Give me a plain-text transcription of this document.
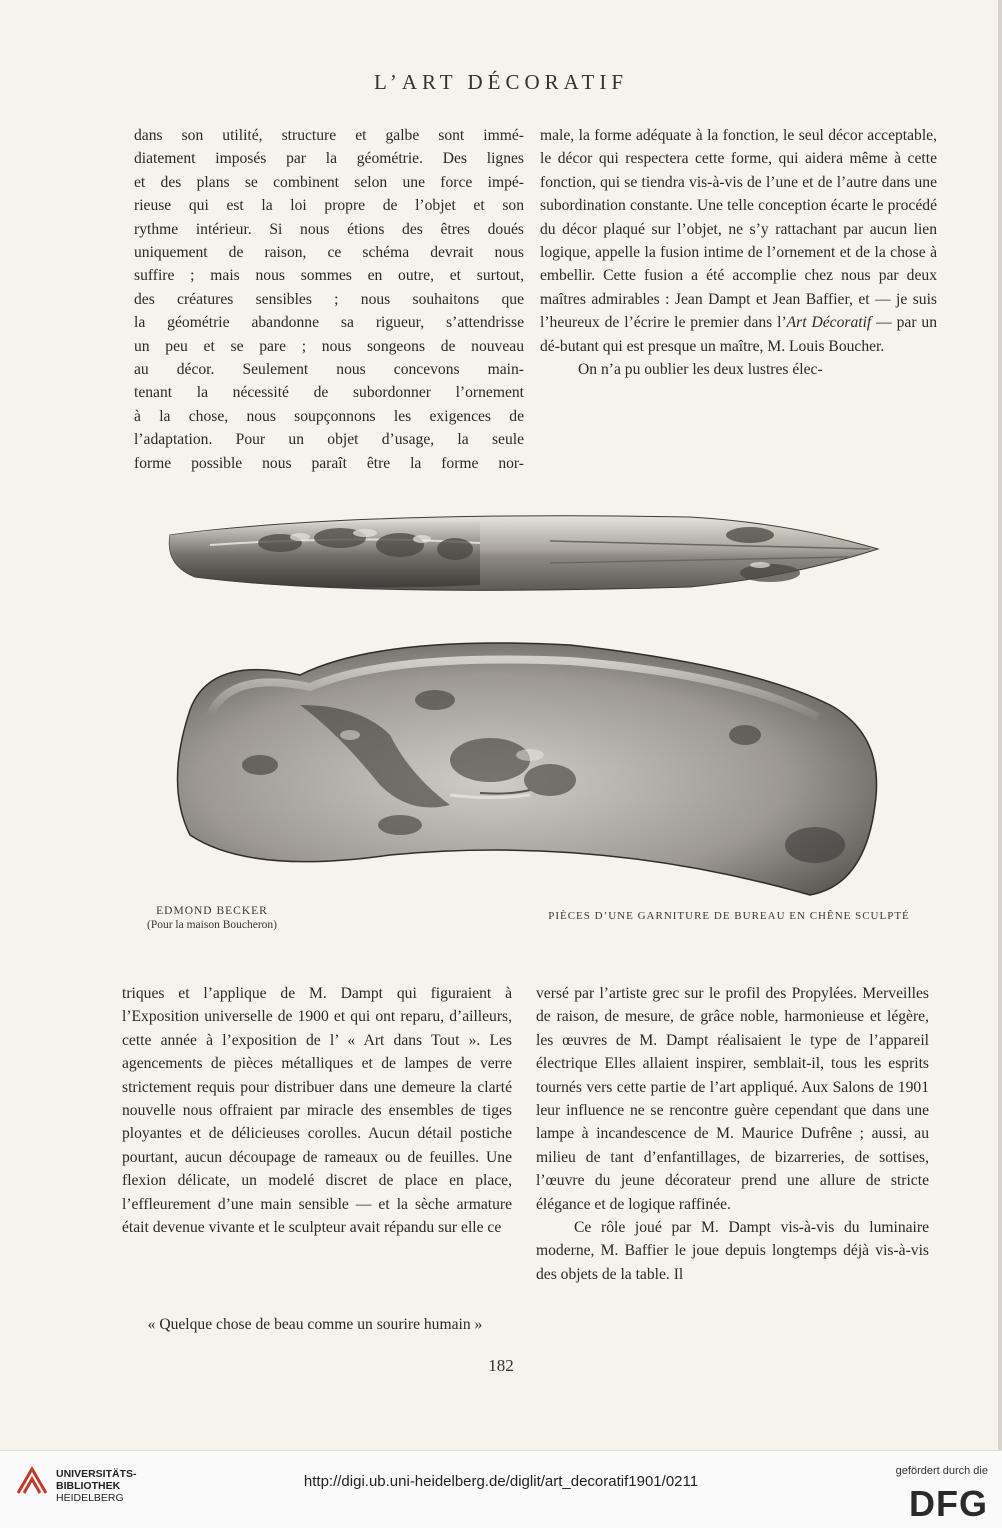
L’ART DÉCORATIF
dans son utilité, structure et galbe sont immé-
diatement imposés par la géométrie. Des lignes
et des plans se combinent selon une force impé-
rieuse qui est la loi propre de l’objet et son
rythme intérieur. Si nous étions des êtres doués
uniquement de raison, ce schéma devrait nous
suffire ; mais nous sommes en outre, et surtout,
des créatures sensibles ; nous souhaitons que
la géométrie abandonne sa rigueur, s’attendrisse
un peu et se pare ; nous songeons de nouveau
au décor. Seulement nous concevons main-
tenant la nécessité de subordonner l’ornement
à la chose, nous soupçonnons les exigences de
l’adaptation. Pour un objet d’usage, la seule
forme possible nous paraît être la forme nor-

male, la forme adéquate à la fonction, le seul décor acceptable, le décor qui respectera cette forme, qui aidera même à cette fonction, qui se tiendra vis-à-vis de l’une et de l’autre dans une subordination constante. Une telle conception écarte le procédé du décor plaqué sur l’objet, ne s’y rattachant par aucun lien logique, appelle la fusion intime de l’ornement et de la chose à embellir. Cette fusion a été accomplie chez nous par deux maîtres admirables : Jean Dampt et Jean Baffier, et — je suis l’heureux de l’écrire le premier dans l’Art Décoratif — par un dé-butant qui est presque un maître, M. Louis Boucher.

On n’a pu oublier les deux lustres élec-

EDMOND BECKER
(Pour la maison Boucheron)
PIÈCES D’UNE GARNITURE DE BUREAU EN CHÊNE SCULPTÉ
triques et l’applique de M. Dampt qui figuraient à l’Exposition universelle de 1900 et qui ont reparu, d’ailleurs, cette année à l’exposition de l’ « Art dans Tout ». Les agencements de pièces métalliques et de lampes de verre strictement requis pour distribuer dans une demeure la clarté nouvelle nous offraient par miracle des ensembles de tiges ployantes et de délicieuses corolles. Aucun détail postiche pourtant, aucun découpage de rameaux ou de feuilles. Une flexion délicate, un modelé discret de place en place, l’effleurement d’une main sensible — et la sèche armature était devenue vivante et le sculpteur avait répandu sur elle ce
« Quelque chose de beau comme un sourire humain »

versé par l’artiste grec sur le profil des Propylées. Merveilles de raison, de mesure, de grâce noble, harmonieuse et légère, les œuvres de M. Dampt réalisaient le type de l’appareil électrique Elles allaient inspirer, semblait-il, tous les esprits tournés vers cette partie de l’art appliqué. Aux Salons de 1901 leur influence ne se rencontre guère cependant que dans une lampe à incandescence de M. Maurice Dufrêne ; aussi, au milieu de tant d’enfantillages, de bizarreries, de sottises, l’œuvre du jeune décorateur prend une allure de stricte élégance et de logique raffinée.

Ce rôle joué par M. Dampt vis-à-vis du luminaire moderne, M. Baffier le joue depuis longtemps déjà vis-à-vis des objets de la table. Il

182
UNIVERSITÄTS-
BIBLIOTHEK
HEIDELBERG
http://digi.ub.uni-heidelberg.de/diglit/art_decoratif1901/0211
gefördert durch die
DFG
